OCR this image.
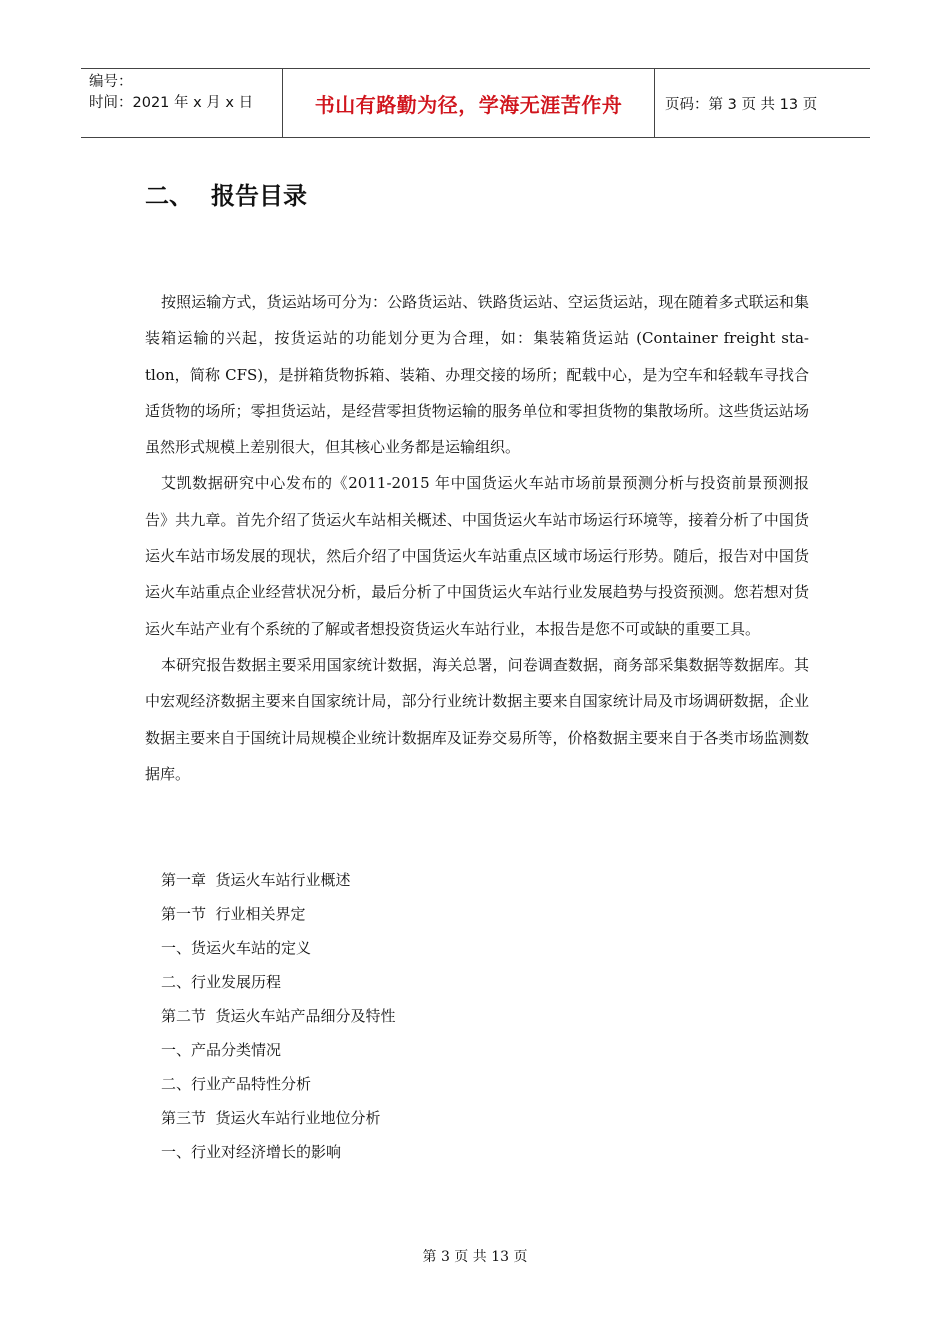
编号：
时间：2021 年 x 月 x 日	书山有路勤为径，学海无涯苦作舟	页码：第 3 页 共 13 页
二、 报告目录

按照运输方式，货运站场可分为：公路货运站、铁路货运站、空运货运站，现在随着多式联运和集装箱运输的兴起，按货运站的功能划分更为合理，如：集装箱货运站 (Container freight sta-tlon，简称 CFS)，是拼箱货物拆箱、装箱、办理交接的场所；配载中心，是为空车和轻载车寻找合适货物的场所；零担货运站，是经营零担货物运输的服务单位和零担货物的集散场所。这些货运站场虽然形式规模上差别很大，但其核心业务都是运输组织。

艾凯数据研究中心发布的《2011-2015 年中国货运火车站市场前景预测分析与投资前景预测报告》共九章。首先介绍了货运火车站相关概述、中国货运火车站市场运行环境等，接着分析了中国货运火车站市场发展的现状，然后介绍了中国货运火车站重点区域市场运行形势。随后，报告对中国货运火车站重点企业经营状况分析，最后分析了中国货运火车站行业发展趋势与投资预测。您若想对货运火车站产业有个系统的了解或者想投资货运火车站行业，本报告是您不可或缺的重要工具。

本研究报告数据主要采用国家统计数据，海关总署，问卷调查数据，商务部采集数据等数据库。其中宏观经济数据主要来自国家统计局，部分行业统计数据主要来自国家统计局及市场调研数据，企业数据主要来自于国统计局规模企业统计数据库及证券交易所等，价格数据主要来自于各类市场监测数据库。

第一章  货运火车站行业概述
第一节  行业相关界定
一、货运火车站的定义
二、行业发展历程
第二节  货运火车站产品细分及特性
一、产品分类情况
二、行业产品特性分析
第三节  货运火车站行业地位分析
一、行业对经济增长的影响
第 3 页 共 13 页
